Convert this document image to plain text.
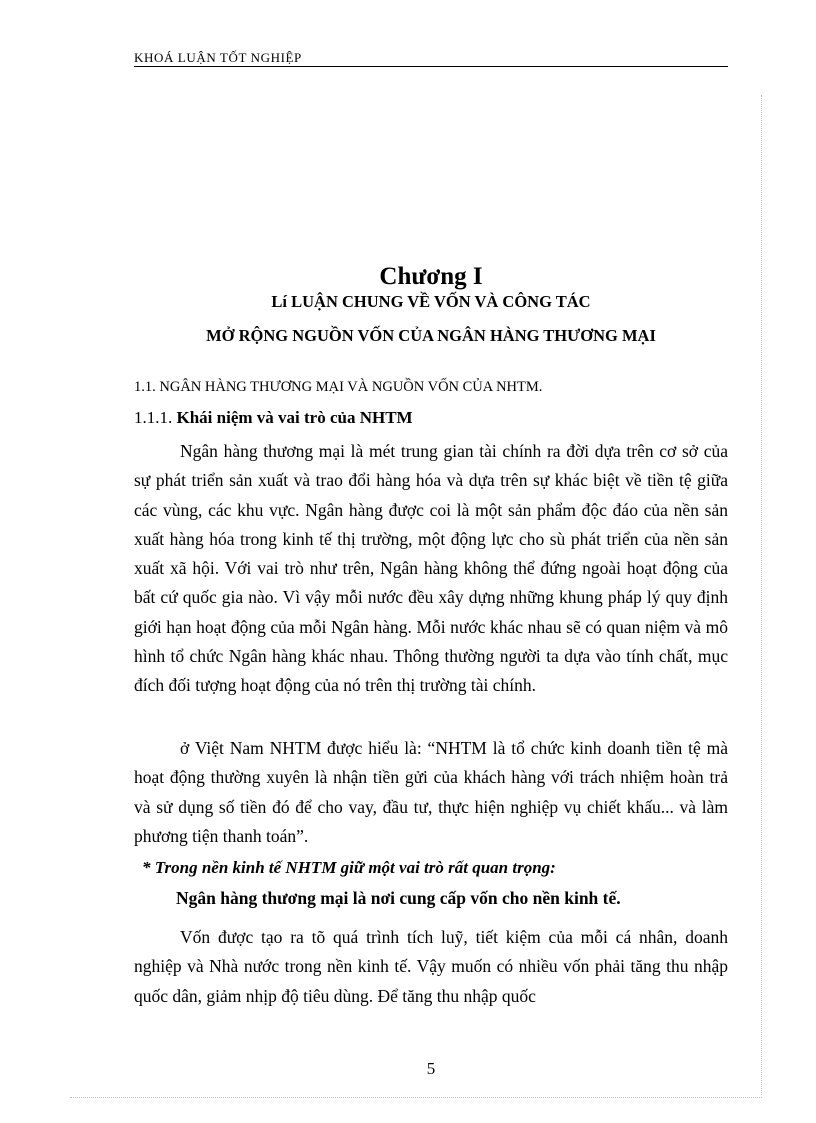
KHOÁ LUẬN TỐT NGHIỆP
Chương I
Lí LUẬN CHUNG VỀ VỐN VÀ CÔNG TÁC
MỞ RỘNG NGUỒN VỐN CỦA NGÂN HÀNG THƯƠNG MẠI
1.1. NGÂN HÀNG THƯƠNG MẠI VÀ NGUỒN VỐN CỦA NHTM.
1.1.1. Khái niệm và vai trò của NHTM
Ngân hàng thương mại là mét trung gian tài chính ra đời dựa trên cơ sở của sự phát triển sản xuất và trao đổi hàng hóa và dựa trên sự khác biệt về tiền tệ giữa các vùng, các khu vực. Ngân hàng được coi là một sản phẩm độc đáo của nền sản xuất hàng hóa trong kinh tế thị trường, một động lực cho sù phát triển của nền sản xuất xã hội. Với vai trò như trên, Ngân hàng không thể đứng ngoài hoạt động của bất cứ quốc gia nào. Vì vậy mỗi nước đều xây dựng những khung pháp lý quy định giới hạn hoạt động của mỗi Ngân hàng. Mỗi nước khác nhau sẽ có quan niệm và mô hình tổ chức Ngân hàng khác nhau. Thông thường người ta dựa vào tính chất, mục đích đối tượng hoạt động của nó trên thị trường tài chính.
ở Việt Nam NHTM được hiểu là: “NHTM là tổ chức kinh doanh tiền tệ mà hoạt động thường xuyên là nhận tiền gửi của khách hàng với trách nhiệm hoàn trả và sử dụng số tiền đó để cho vay, đầu tư, thực hiện nghiệp vụ chiết khấu... và làm phương tiện thanh toán”.
* Trong nền kinh tế NHTM giữ một vai trò rất quan trọng:
Ngân hàng thương mại là nơi cung cấp vốn cho nền kinh tế.
Vốn được tạo ra tõ quá trình tích luỹ, tiết kiệm của mỗi cá nhân, doanh nghiệp và Nhà nước trong nền kinh tế. Vậy muốn có nhiều vốn phải tăng thu nhập quốc dân, giảm nhịp độ tiêu dùng. Để tăng thu nhập quốc
5
